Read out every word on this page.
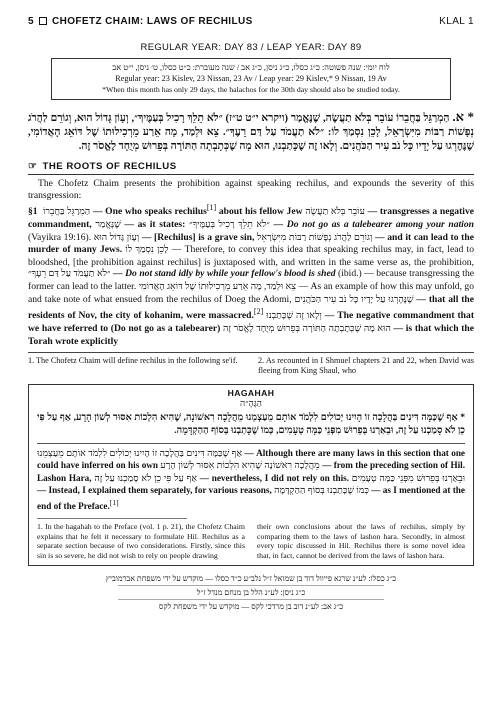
5 CHOFETZ CHAIM: LAWS OF RECHILUS	KLAL 1
REGULAR YEAR: DAY 83 / LEAP YEAR: DAY 89
לוח יומי: שנה פשוטה: כ״ג כסלו, כ״ג ניסן, כ״ג אב / שנה מעוברת: כ״ט כסלו, ט׳ ניסן, י״ט אב
Regular year: 23 Kislev, 23 Nissan, 23 Av / Leap year: 29 Kislev,* 9 Nissan, 19 Av
*When this month has only 29 days, the halachos for the 30th day should also be studied today.
* א. הַמְרַגֵּל בַּחֲבֵרוֹ עוֹבֵר בְּלֹא תַעֲשֶׂה, שֶׁנֶּאֱמַר (ויקרא י״ט ט״ז) ״לֹא תֵלֵךְ רָכִיל בְּעַמֶּיךָ״, וְעָוֹן גָּדוֹל הוּא, וְגוֹרֵם לַהֲרֹג נְפָשׁוֹת רַבּוֹת מִיִּשְׂרָאֵל, לָכֵן נִסְמַךְ לוֹ: ״לֹא תַעֲמֹד עַל דַּם רֵעֶךָ״. צֵא וּלְמַד, מָה אֵרַע מֵרְכִילוּתוֹ שֶׁל דּוֹאֵג הָאֲדוֹמִי, שֶׁנֶּהֶרְגוּ עַל יָדָיו כָּל נֹב עִיר הַכֹּהֲנִים. וְלָאו זֶה שֶׁכָּתַבְנוּ, הוּא מָה שֶׁכְּתָבְתָה הַתּוֹרָה בְּפֵרוּשׁ מְיֻחָד לֶאֱסֹר זֶה.
☞ THE ROOTS OF RECHILUS
The Chofetz Chaim presents the prohibition against speaking rechilus, and expounds the severity of this transgression:
§1 הַמְרַגֵּל בַּחֲבֵרוֹ — One who speaks rechilus[1] about his fellow Jew עוֹבֵר בְּלֹא תַעֲשֶׂה — transgresses a negative commandment, שֶׁנֶּאֱמַר — as it states: ״לֹא תֵלֵךְ רָכִיל בְּעַמֶּיךָ״ — Do not go as a talebearer among your nation (Vayikra 19:16). וְעָוֹן גָּדוֹל הוּא — [Rechilus] is a grave sin, וְגוֹרֵם לַהֲרֹג נְפָשׁוֹת רַבּוֹת מִיִּשְׂרָאֵל — and it can lead to the murder of many Jews. לָכֵן נִסְמַךְ לוֹ — Therefore, to convey this idea that speaking rechilus may, in fact, lead to bloodshed, [the prohibition against rechilus] is juxtaposed with, and written in the same verse as, the prohibition, ״לֹא תַעֲמֹד עַל דַּם רֵעֶךָ״ — Do not stand idly by while your fellow's blood is shed (ibid.) — because transgressing the former can lead to the latter. צֵא וּלְמַד, מָה אֵרַע מֵרְכִילוּתוֹ שֶׁל דּוֹאֵג הָאֲדוֹמִי — As an example of how this may unfold, go and take note of what ensued from the rechilus of Doeg the Adomi, שֶׁנֶּהֶרְגוּ עַל יָדָיו כָּל נֹב עִיר הַכֹּהֲנִים — that all the residents of Nov, the city of kohanim, were massacred.[2] וְלָאו זֶה שֶׁכָּתַבְנוּ — The negative commandment that we have referred to (Do not go as a talebearer) הוּא מָה שֶׁכְּתָבְתָה הַתּוֹרָה בְּפֵרוּשׁ מְיֻחָד לֶאֱסֹר זֶה — is that which the Torah wrote explicitly
1. The Chofetz Chaim will define rechilus in the following se'if.	2. As recounted in I Shmuel chapters 21 and 22, when David was fleeing from King Shaul, who
HAGAHAH
הַגָּהָ״ה
* אַף שֶׁכַּמָּה דִּינִים בַּהֲלָכָה זוֹ הָיִינוּ יְכוֹלִים לִלְמֹד אוֹתָם מֵעַצְמֵנוּ מֵהֲלָכָה רִאשׁוֹנָה, שֶׁהִיא הִלְכוֹת אִסּוּר לְשׁוֹן הָרָע, אַף עַל פִּי כֵן לֹא סָמַכְנוּ עַל זֶה, וּבֵאַרְנוּ בְּפֵרוּשׁ מִפְּנֵי כַּמָּה טְעָמִים, כְּמוֹ שֶׁכָּתַבְנוּ בְּסוֹף הַהַקְדָּמָה.
אַף שֶׁכַּמָּה דִּינִים בַּהֲלָכָה זוֹ הָיִינוּ יְכוֹלִים לִלְמֹד אוֹתָם מֵעַצְמֵנוּ — Although there are many laws in this section that one could have inferred on his own מֵהֲלָכָה רִאשׁוֹנָה שֶׁהִיא הִלְכוֹת אִסּוּר לְשׁוֹן הָרָע — from the preceding section of Hil. Lashon Hara, אַף עַל פִּי כֵן לֹא סָמַכְנוּ עַל זֶה — nevertheless, I did not rely on this. וּבֵאַרְנוּ בְּפֵרוּשׁ מִפְּנֵי כַּמָּה טְעָמִים — Instead, I explained them separately, for various reasons, כְּמוֹ שֶׁכָּתַבְנוּ בְּסוֹף הַהַקְדָּמָה — as I mentioned at the end of the Preface.[1]
1. In the hagahah to the Preface (vol. 1 p. 21), the Chofetz Chaim explains that he felt it necessary to formulate Hil. Rechilus as a separate section because of two considerations. Firstly, since this sin is so severe, he did not wish to rely on people drawing
their own conclusions about the laws of rechilus, simply by comparing them to the laws of lashon hara. Secondly, in almost every topic discussed in Hil. Rechilus there is some novel idea that, in fact, cannot be derived from the laws of lashon hara.
כ״ג כסלו: לע״נ שרגא פייוול דוד בן שמואל ז״ל נלב״ע כ״ד כסלו — מוקדש על ידי משפחת אברמוביץ
כ״ג ניסן: לע״נ הלל בן מנחם מנדל ז״ל
כ״ג אב: לע״נ דוב בן מרדכי לקס — מוקדש על ידי משפחת לקס
